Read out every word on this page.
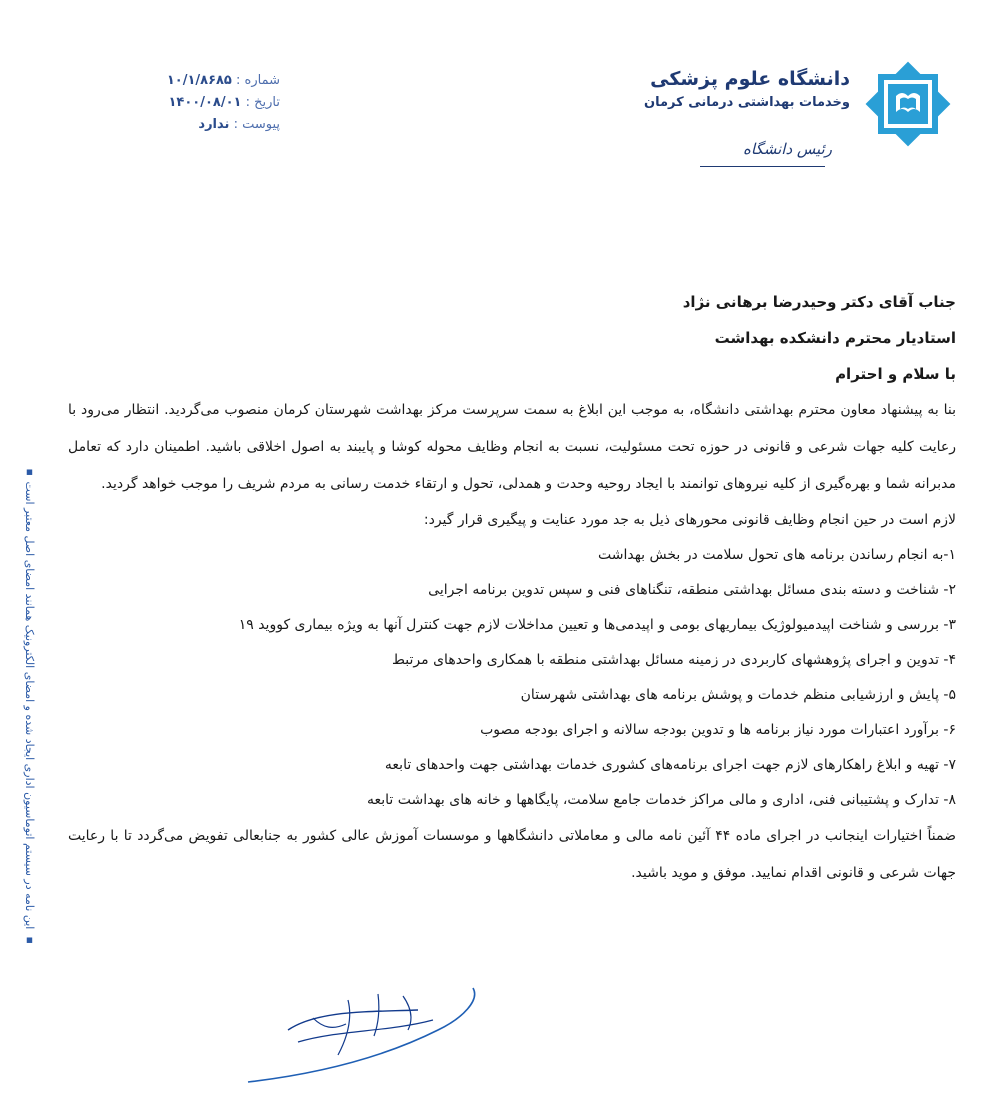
دانشگاه علوم پزشکی
وخدمات بهداشتی درمانی کرمان
رئیس دانشگاه
شماره : ۱۰/۱/۸۶۸۵
تاریخ : ۱۴۰۰/۰۸/۰۱
پیوست : ندارد

جناب آقای دکتر وحیدرضا برهانی نژاد

استادیار محترم دانشکده بهداشت

با سلام و احترام

بنا به پیشنهاد معاون محترم بهداشتی دانشگاه، به موجب این ابلاغ به سمت سرپرست مرکز بهداشت شهرستان کرمان منصوب می‌گردید. انتظار می‌رود با رعایت کلیه جهات شرعی و قانونی در حوزه تحت مسئولیت، نسبت به انجام وظایف محوله کوشا و پایبند به اصول اخلاقی باشید. اطمینان دارد که تعامل مدبرانه شما و بهره‌گیری از کلیه نیروهای توانمند با ایجاد روحیه وحدت و همدلی، تحول و ارتقاء خدمت رسانی به مردم شریف را موجب خواهد گردید.

لازم است در حین انجام وظایف قانونی محورهای ذیل به جد مورد عنایت و پیگیری قرار گیرد:

۱-به انجام رساندن برنامه های تحول سلامت در بخش بهداشت

۲- شناخت و دسته بندی مسائل بهداشتی منطقه، تنگناهای فنی و سپس تدوین برنامه اجرایی

۳- بررسی و شناخت اپیدمیولوژیک بیماریهای بومی و اپیدمی‌ها و تعیین مداخلات لازم جهت کنترل آنها به ویژه بیماری کووید ۱۹

۴- تدوین و اجرای پژوهشهای کاربردی در زمینه مسائل بهداشتی منطقه با همکاری واحدهای مرتبط

۵- پایش و ارزشیابی منظم خدمات و پوشش برنامه های بهداشتی شهرستان

۶- برآورد اعتبارات مورد نیاز برنامه ها و تدوین بودجه سالانه و اجرای بودجه مصوب

۷- تهیه و ابلاغ راهکارهای لازم جهت اجرای برنامه‌های کشوری خدمات بهداشتی جهت واحدهای تابعه

۸- تدارک و پشتیبانی فنی، اداری و مالی مراکز خدمات جامع سلامت، پایگاهها و خانه های بهداشت تابعه

ضمناً اختیارات اینجانب در اجرای ماده ۴۴ آئین نامه مالی و معاملاتی دانشگاهها و موسسات آموزش عالی کشور به جنابعالی تفویض می‌گردد تا با رعایت جهات شرعی و قانونی اقدام نمایید. موفق و موید باشید.

▪ این نامه در سیستم اتوماسیون اداری ایجاد شده و امضای الکترونیک همانند امضای اصل معتبر است ▪
